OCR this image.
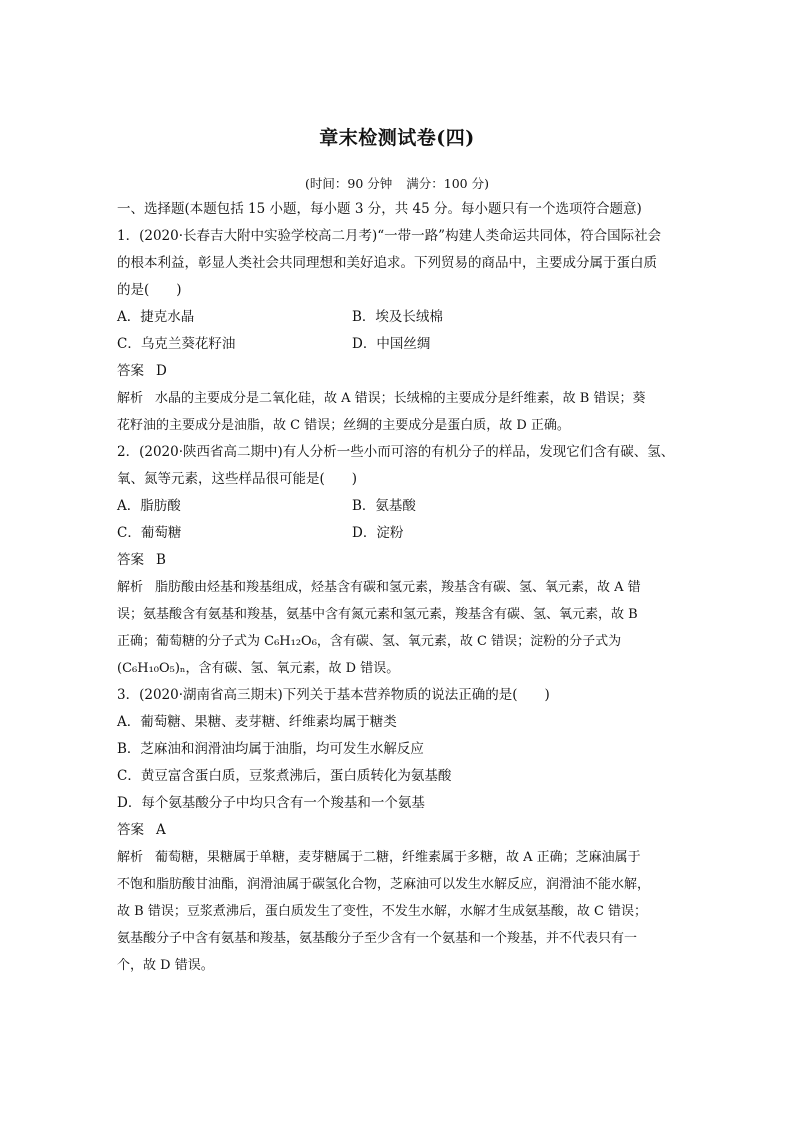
章末检测试卷(四)
(时间：90 分钟 满分：100 分)
一、选择题(本题包括 15 小题，每小题 3 分，共 45 分。每小题只有一个选项符合题意)
1．(2020·长春吉大附中实验学校高二月考)“一带一路”构建人类命运共同体，符合国际社会
的根本利益，彰显人类社会共同理想和美好追求。下列贸易的商品中，主要成分属于蛋白质
的是(　　)
A．捷克水晶	B．埃及长绒棉
C．乌克兰葵花籽油	D．中国丝绸
答案 D
解析 水晶的主要成分是二氧化硅，故 A 错误；长绒棉的主要成分是纤维素，故 B 错误；葵
花籽油的主要成分是油脂，故 C 错误；丝绸的主要成分是蛋白质，故 D 正确。
2．(2020·陕西省高二期中)有人分析一些小而可溶的有机分子的样品，发现它们含有碳、氢、
氧、氮等元素，这些样品很可能是(　　)
A．脂肪酸	B．氨基酸
C．葡萄糖	D．淀粉
答案 B
解析 脂肪酸由烃基和羧基组成，烃基含有碳和氢元素，羧基含有碳、氢、氧元素，故 A 错
误；氨基酸含有氨基和羧基，氨基中含有氮元素和氢元素，羧基含有碳、氢、氧元素，故 B
正确；葡萄糖的分子式为 C₆H₁₂O₆，含有碳、氢、氧元素，故 C 错误；淀粉的分子式为
(C₆H₁₀O₅)ₙ，含有碳、氢、氧元素，故 D 错误。
3．(2020·湖南省高三期末)下列关于基本营养物质的说法正确的是(　　)
A．葡萄糖、果糖、麦芽糖、纤维素均属于糖类
B．芝麻油和润滑油均属于油脂，均可发生水解反应
C．黄豆富含蛋白质，豆浆煮沸后，蛋白质转化为氨基酸
D．每个氨基酸分子中均只含有一个羧基和一个氨基
答案 A
解析 葡萄糖，果糖属于单糖，麦芽糖属于二糖，纤维素属于多糖，故 A 正确；芝麻油属于
不饱和脂肪酸甘油酯，润滑油属于碳氢化合物，芝麻油可以发生水解反应，润滑油不能水解，
故 B 错误；豆浆煮沸后，蛋白质发生了变性，不发生水解，水解才生成氨基酸，故 C 错误；
氨基酸分子中含有氨基和羧基，氨基酸分子至少含有一个氨基和一个羧基，并不代表只有一
个，故 D 错误。
